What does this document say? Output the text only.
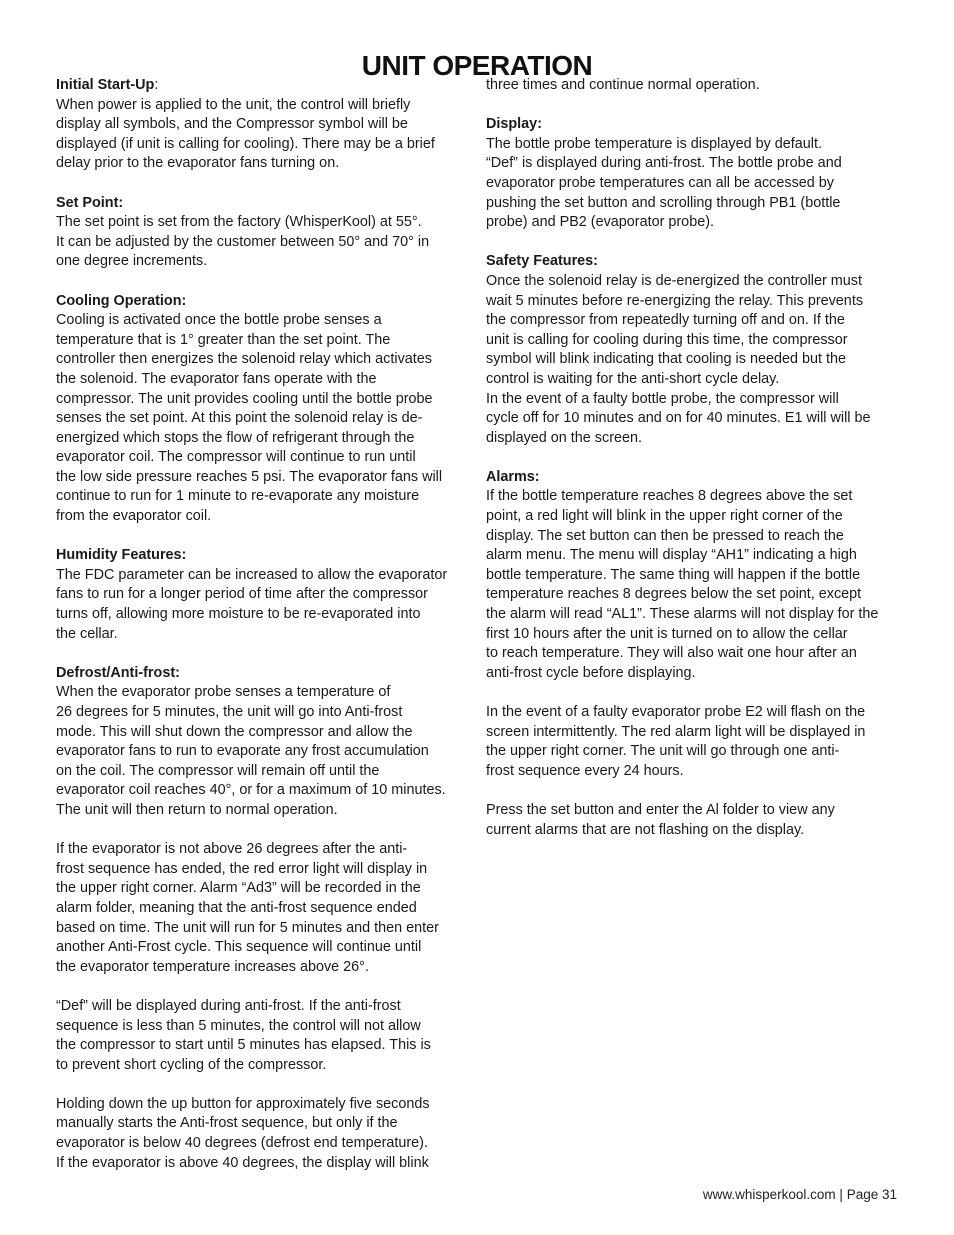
UNIT OPERATION

Initial Start-Up:

When power is applied to the unit, the control will briefly
display all symbols, and the Compressor symbol will be
displayed (if unit is calling for cooling). There may be a brief
delay prior to the evaporator fans turning on.

Set Point:

The set point is set from the factory (WhisperKool) at 55°.
It can be adjusted by the customer between 50° and 70° in
one degree increments.

Cooling Operation:

Cooling is activated once the bottle probe senses a
temperature that is 1° greater than the set point. The
controller then energizes the solenoid relay which activates
the solenoid. The evaporator fans operate with the
compressor. The unit provides cooling until the bottle probe
senses the set point. At this point the solenoid relay is de-
energized which stops the flow of refrigerant through the
evaporator coil. The compressor will continue to run until
the low side pressure reaches 5 psi. The evaporator fans will
continue to run for 1 minute to re-evaporate any moisture
from the evaporator coil.

Humidity Features:

The FDC parameter can be increased to allow the evaporator
fans to run for a longer period of time after the compressor
turns off, allowing more moisture to be re-evaporated into
the cellar.

Defrost/Anti-frost:

When the evaporator probe senses a temperature of
26 degrees for 5 minutes, the unit will go into Anti-frost
mode. This will shut down the compressor and allow the
evaporator fans to run to evaporate any frost accumulation
on the coil. The compressor will remain off until the
evaporator coil reaches 40°, or for a maximum of 10 minutes.
The unit will then return to normal operation.

If the evaporator is not above 26 degrees after the anti-
frost sequence has ended, the red error light will display in
the upper right corner. Alarm “Ad3” will be recorded in the
alarm folder, meaning that the anti-frost sequence ended
based on time. The unit will run for 5 minutes and then enter
another Anti-Frost cycle. This sequence will continue until
the evaporator temperature increases above 26°.

“Def” will be displayed during anti-frost. If the anti-frost
sequence is less than 5 minutes, the control will not allow
the compressor to start until 5 minutes has elapsed. This is
to prevent short cycling of the compressor.

Holding down the up button for approximately five seconds
manually starts the Anti-frost sequence, but only if the
evaporator is below 40 degrees (defrost end temperature).
If the evaporator is above 40 degrees, the display will blink

three times and continue normal operation.

Display:

The bottle probe temperature is displayed by default.
“Def” is displayed during anti-frost. The bottle probe and
evaporator probe temperatures can all be accessed by
pushing the set button and scrolling through PB1 (bottle
probe) and PB2 (evaporator probe).

Safety Features:

Once the solenoid relay is de-energized the controller must
wait 5 minutes before re-energizing the relay. This prevents
the compressor from repeatedly turning off and on. If the
unit is calling for cooling during this time, the compressor
symbol will blink indicating that cooling is needed but the
control is waiting for the anti-short cycle delay.
In the event of a faulty bottle probe, the compressor will
cycle off for 10 minutes and on for 40 minutes. E1 will will be
displayed on the screen.

Alarms:

If the bottle temperature reaches 8 degrees above the set
point, a red light will blink in the upper right corner of the
display. The set button can then be pressed to reach the
alarm menu. The menu will display “AH1” indicating a high
bottle temperature. The same thing will happen if the bottle
temperature reaches 8 degrees below the set point, except
the alarm will read “AL1”. These alarms will not display for the
first 10 hours after the unit is turned on to allow the cellar
to reach temperature. They will also wait one hour after an
anti-frost cycle before displaying.

In the event of a faulty evaporator probe E2 will flash on the
screen intermittently. The red alarm light will be displayed in
the upper right corner. The unit will go through one anti-
frost sequence every 24 hours.

Press the set button and enter the Al folder to view any
current alarms that are not flashing on the display.

www.whisperkool.com | Page 31
